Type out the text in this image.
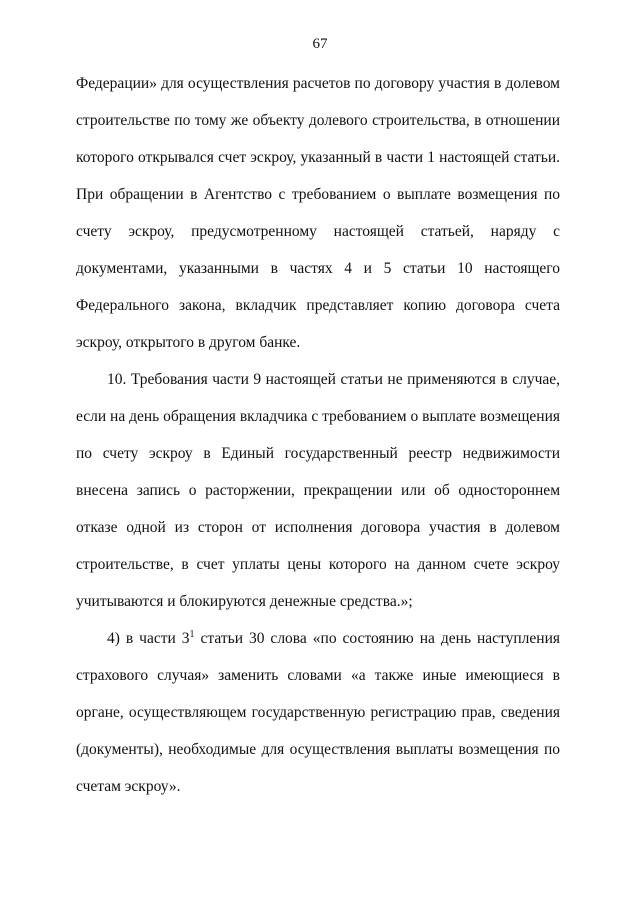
67
Федерации» для осуществления расчетов по договору участия в долевом
строительстве по тому же объекту долевого строительства, в отношении
которого открывался счет эскроу, указанный в части 1 настоящей статьи.
При обращении в Агентство с требованием о выплате возмещения по
счету эскроу, предусмотренному настоящей статьей, наряду с
документами, указанными в частях 4 и 5 статьи 10 настоящего
Федерального закона, вкладчик представляет копию договора счета
эскроу, открытого в другом банке.
10. Требования части 9 настоящей статьи не применяются в случае,
если на день обращения вкладчика с требованием о выплате возмещения
по счету эскроу в Единый государственный реестр недвижимости
внесена запись о расторжении, прекращении или об одностороннем
отказе одной из сторон от исполнения договора участия в долевом
строительстве, в счет уплаты цены которого на данном счете эскроу
учитываются и блокируются денежные средства.»;
4) в части $3^1$ статьи 30 слова «по состоянию на день наступления
страхового случая» заменить словами «а также иные имеющиеся в
органе, осуществляющем государственную регистрацию прав, сведения
(документы), необходимые для осуществления выплаты возмещения по
счетам эскроу».
